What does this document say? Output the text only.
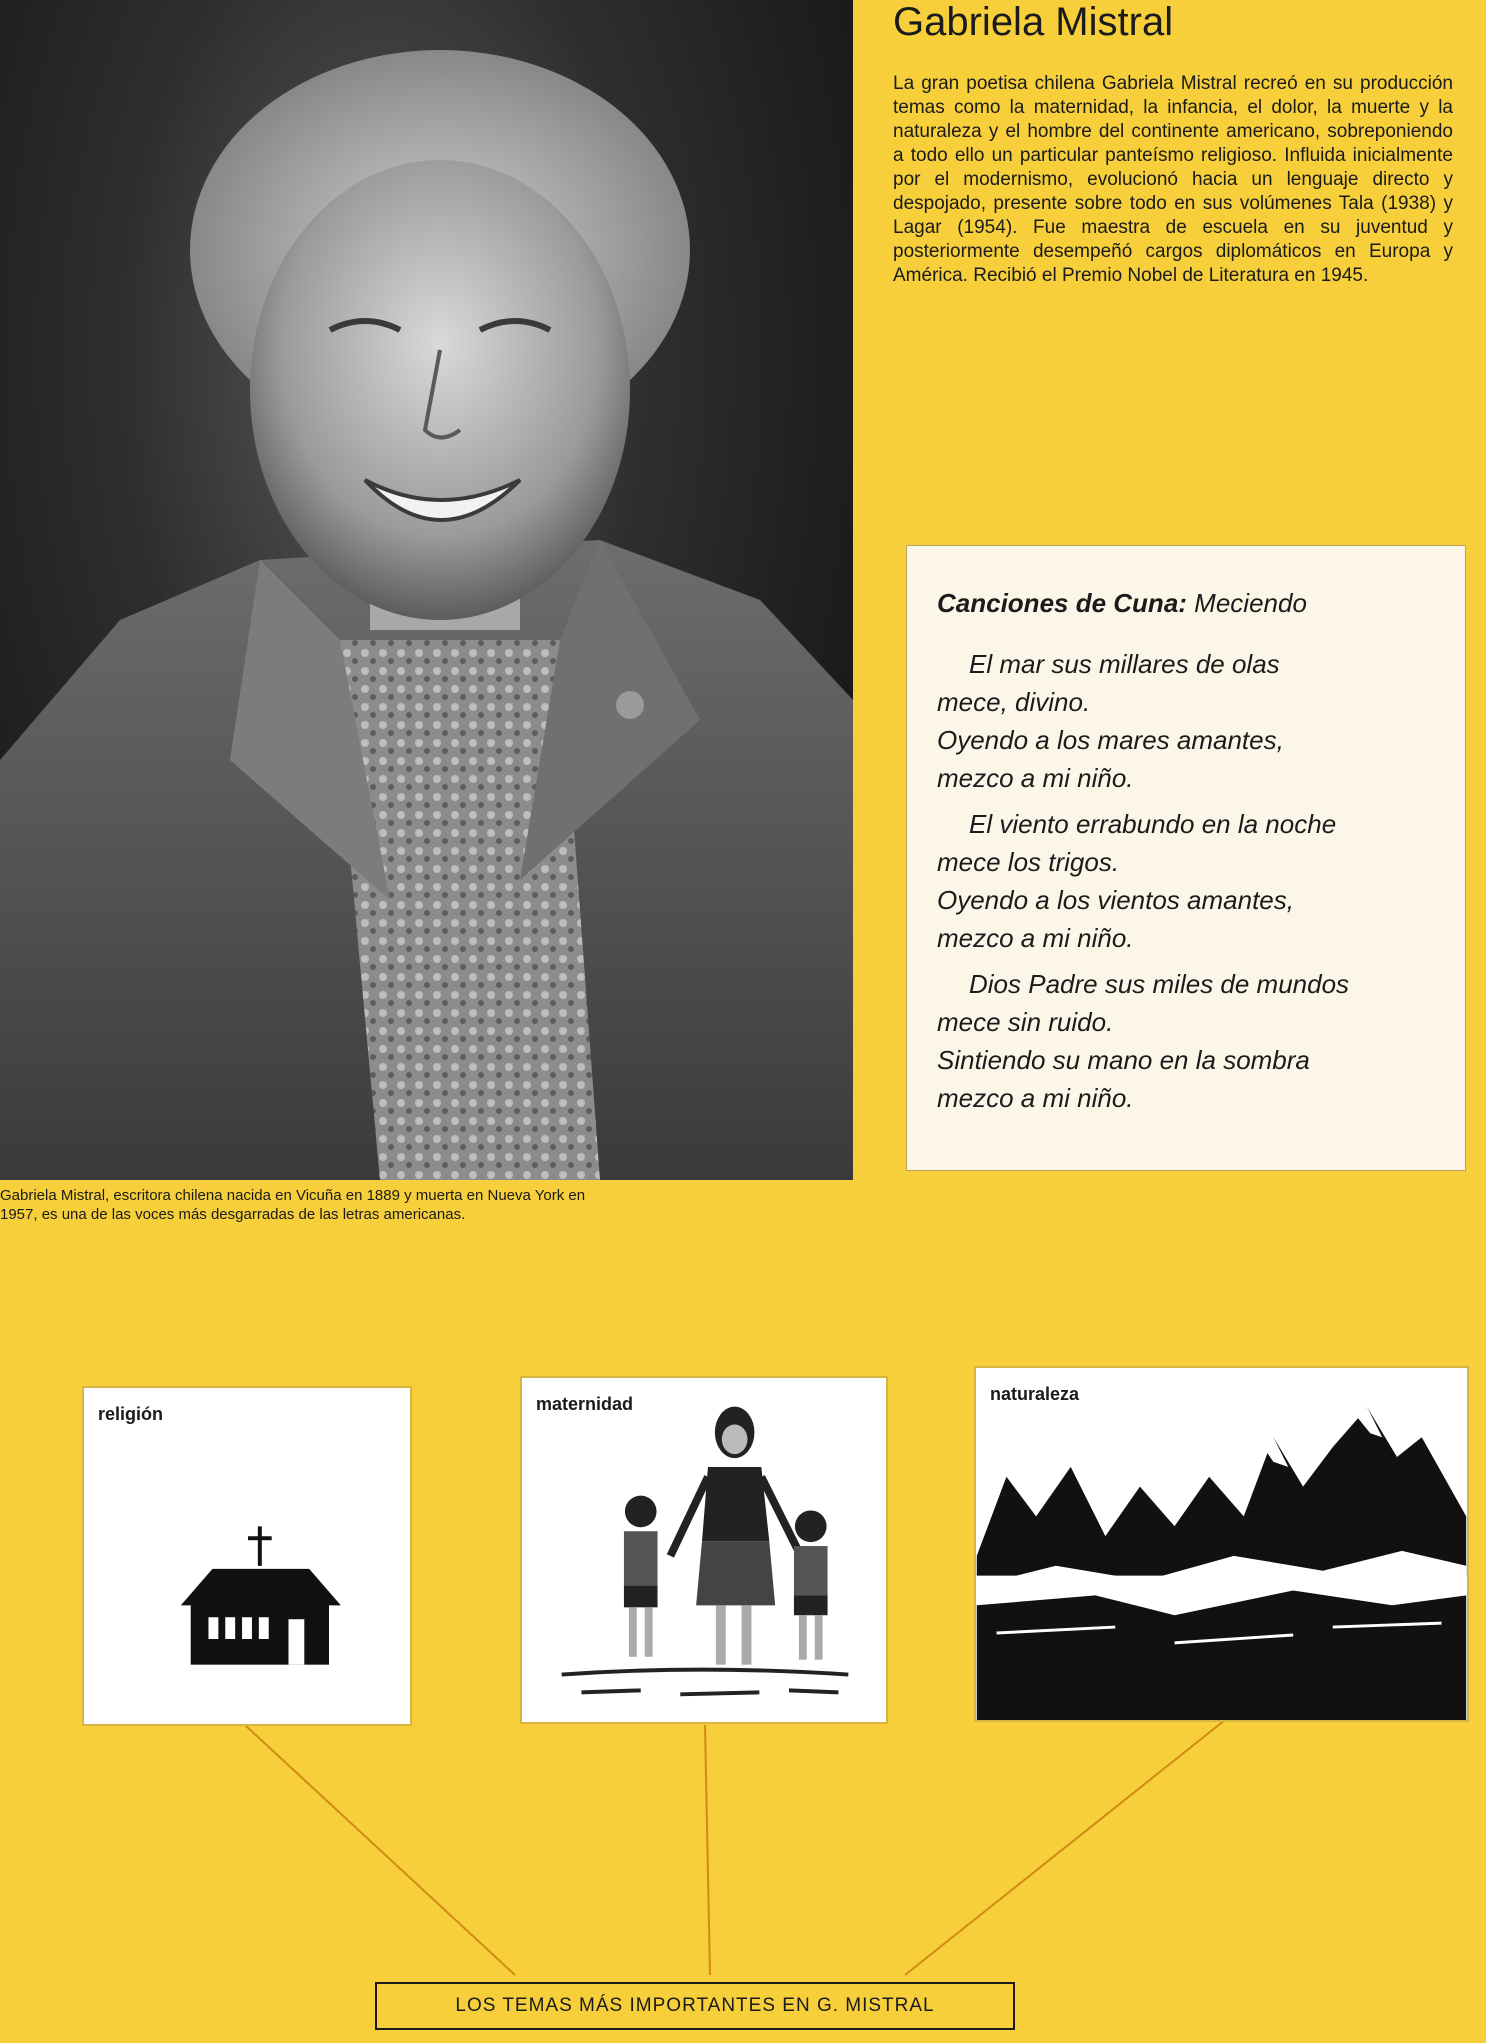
Gabriela Mistral, escritora chilena nacida en Vicuña en 1889 y muerta en Nueva York en 1957, es una de las voces más desgarradas de las letras americanas.
Gabriela Mistral
La gran poetisa chilena Gabriela Mistral recreó en su producción temas como la maternidad, la infancia, el dolor, la muerte y la naturaleza y el hombre del continente americano, sobreponiendo a todo ello un particular panteísmo religioso. Influida inicialmente por el modernismo, evolucionó hacia un lenguaje directo y despojado, presente sobre todo en sus volúmenes Tala (1938) y Lagar (1954). Fue maestra de escuela en su juventud y posteriormente desempeñó cargos diplomáticos en Europa y América. Recibió el Premio Nobel de Literatura en 1945.
Canciones de Cuna: Meciendo
El mar sus millares de olas
mece, divino.
Oyendo a los mares amantes,
mezco a mi niño.
El viento errabundo en la noche
mece los trigos.
Oyendo a los vientos amantes,
mezco a mi niño.
Dios Padre sus miles de mundos
mece sin ruido.
Sintiendo su mano en la sombra
mezco a mi niño.
religión	maternidad	naturaleza
LOS TEMAS MÁS IMPORTANTES EN G. MISTRAL
